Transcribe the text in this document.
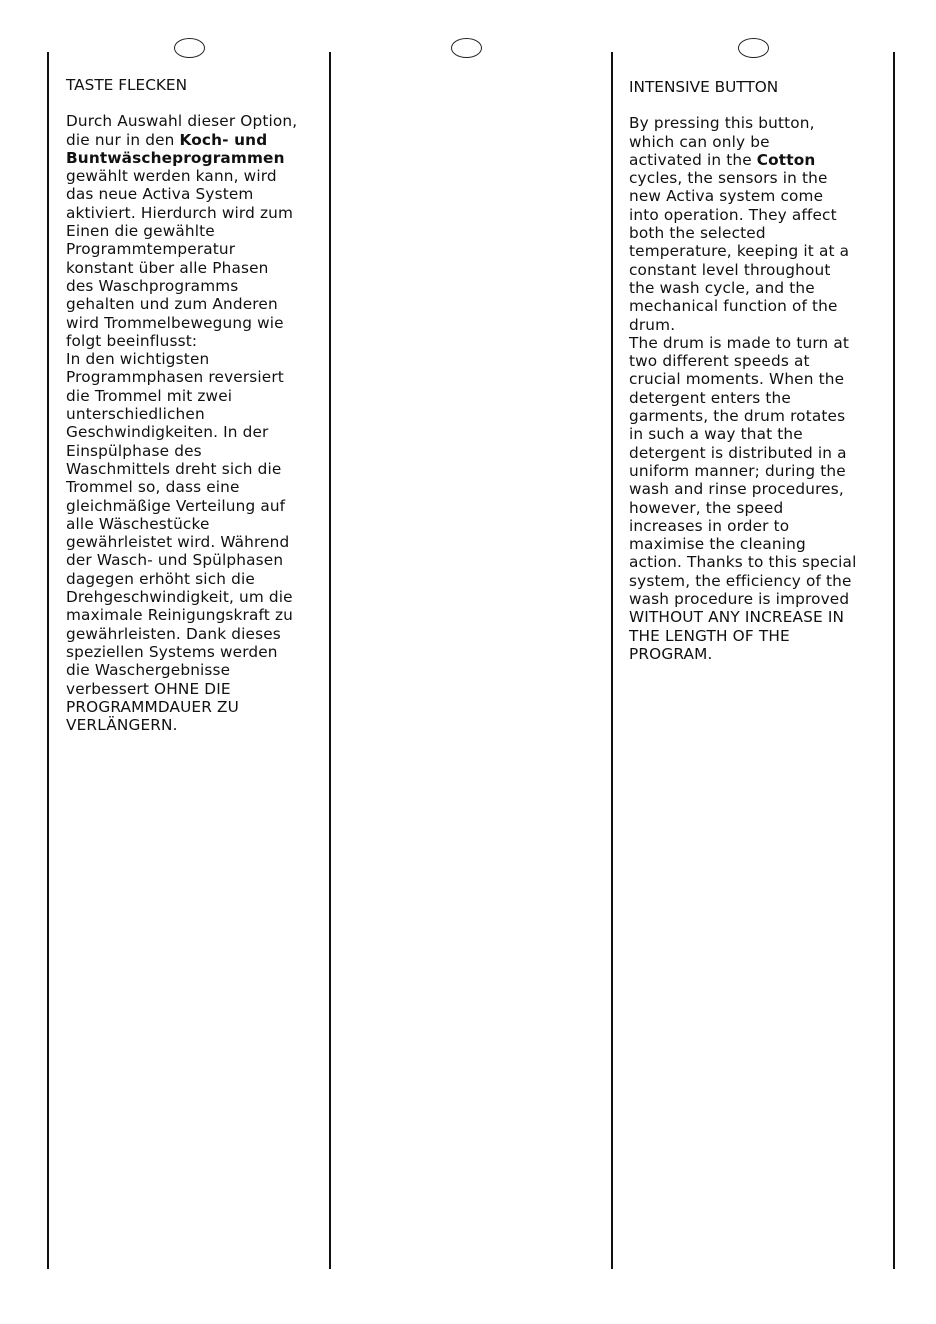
TASTE FLECKEN

Durch Auswahl dieser Option,
die nur in den Koch- und
Buntwäscheprogrammen
gewählt werden kann, wird
das neue Activa System
aktiviert. Hierdurch wird zum
Einen die gewählte
Programmtemperatur
konstant über alle Phasen
des Waschprogramms
gehalten und zum Anderen
wird Trommelbewegung wie
folgt beeinflusst:
In den wichtigsten
Programmphasen reversiert
die Trommel mit zwei
unterschiedlichen
Geschwindigkeiten. In der
Einspülphase des
Waschmittels dreht sich die
Trommel so, dass eine
gleichmäßige Verteilung auf
alle Wäschestücke
gewährleistet wird. Während
der Wasch- und Spülphasen
dagegen erhöht sich die
Drehgeschwindigkeit, um die
maximale Reinigungskraft zu
gewährleisten. Dank dieses
speziellen Systems werden
die Waschergebnisse
verbessert OHNE DIE
PROGRAMMDAUER ZU
VERLÄNGERN.

INTENSIVE BUTTON

By pressing this button,
which can only be
activated in the Cotton
cycles, the sensors in the
new Activa system come
into operation. They affect
both the selected
temperature, keeping it at a
constant level throughout
the wash cycle, and the
mechanical function of the
drum.
The drum is made to turn at
two different speeds at
crucial moments. When the
detergent enters the
garments, the drum rotates
in such a way that the
detergent is distributed in a
uniform manner; during the
wash and rinse procedures,
however, the speed
increases in order to
maximise the cleaning
action. Thanks to this special
system, the efficiency of the
wash procedure is improved
WITHOUT ANY INCREASE IN
THE LENGTH OF THE
PROGRAM.
